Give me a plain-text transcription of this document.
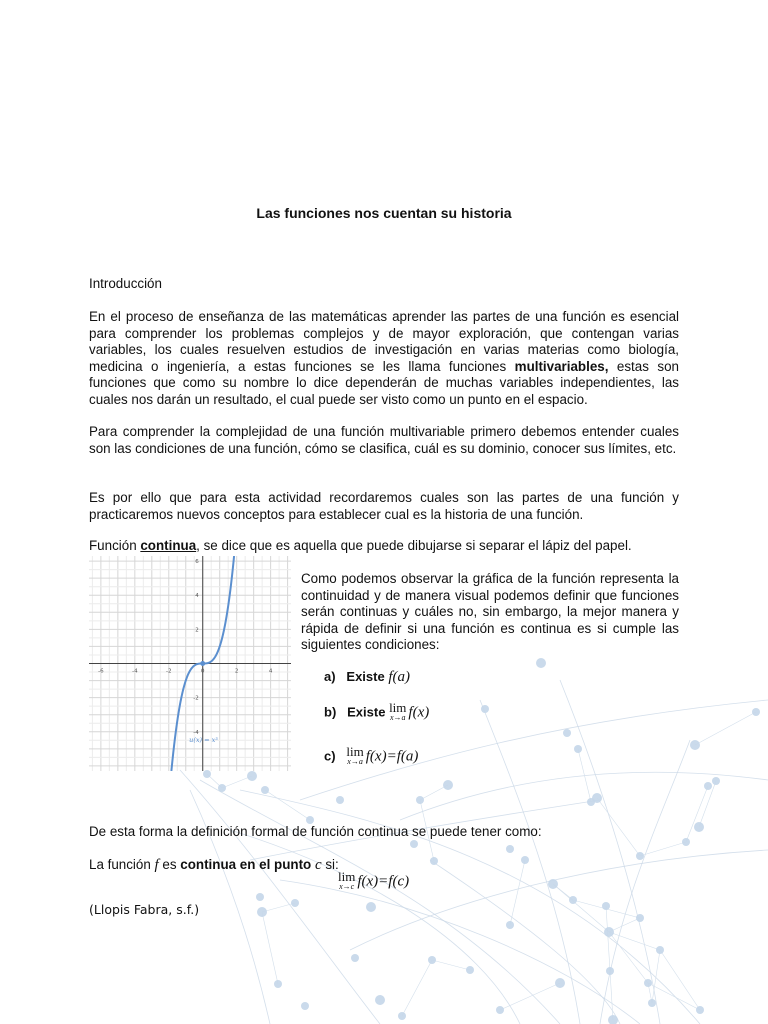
Las funciones nos cuentan su historia
Introducción
En el proceso de enseñanza de las matemáticas aprender las partes de una función es esencial para comprender los problemas complejos y de mayor exploración, que contengan varias variables, los cuales resuelven estudios de investigación en varias materias como biología, medicina o ingeniería, a estas funciones se les llama funciones multivariables, estas son funciones que como su nombre lo dice dependerán de muchas variables independientes, las cuales nos darán un resultado, el cual puede ser visto como un punto en el espacio.
Para comprender la complejidad de una función multivariable primero debemos entender cuales son las condiciones de una función, cómo se clasifica, cuál es su dominio, conocer sus límites, etc.
Es por ello que para esta actividad recordaremos cuales son las partes de una función y practicaremos nuevos conceptos para establecer cual es la historia de una función.
Función continua, se dice que es aquella que puede dibujarse si separar el lápiz del papel.
-6	-4	-2	0	2	4
6
4
2
-2
-4
u(x) = x³
Como podemos observar la gráfica de la función representa la continuidad y de manera visual podemos definir que funciones serán continuas y cuáles no, sin embargo, la mejor manera y rápida de definir si una función es continua es si cumple las siguientes condiciones:
a) Existe f(a)
b) Existe lim
x→a f(x)
c) lim
x→a f(x)=f(a)
De esta forma la definición formal de función continua se puede tener como:
La función f es continua en el punto c si:
lim
x→c f(x)=f(c)
(Llopis Fabra, s.f.)
